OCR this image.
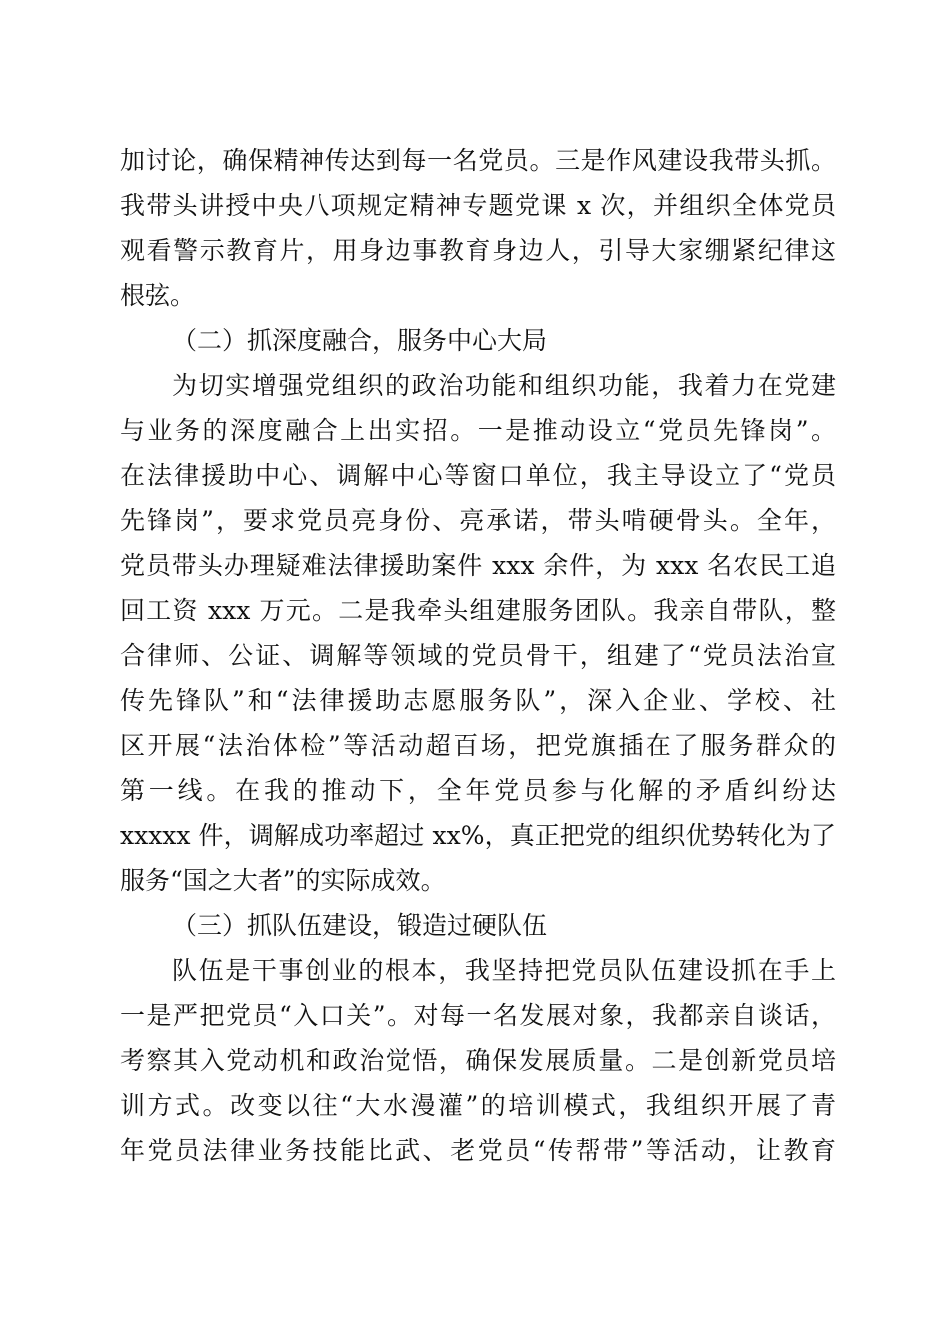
加讨论，确保精神传达到每一名党员。三是作风建设我带头抓。
我带头讲授中央八项规定精神专题党课 x 次，并组织全体党员
观看警示教育片，用身边事教育身边人，引导大家绷紧纪律这
根弦。
（二）抓深度融合，服务中心大局
为切实增强党组织的政治功能和组织功能，我着力在党建
与业务的深度融合上出实招。一是推动设立“党员先锋岗”。
在法律援助中心、调解中心等窗口单位，我主导设立了“党员
先锋岗”，要求党员亮身份、亮承诺，带头啃硬骨头。全年，
党员带头办理疑难法律援助案件 xxx 余件，为 xxx 名农民工追
回工资 xxx 万元。二是我牵头组建服务团队。我亲自带队，整
合律师、公证、调解等领域的党员骨干，组建了“党员法治宣
传先锋队”和“法律援助志愿服务队”，深入企业、学校、社
区开展“法治体检”等活动超百场，把党旗插在了服务群众的
第一线。在我的推动下，全年党员参与化解的矛盾纠纷达
xxxxx 件，调解成功率超过 xx%，真正把党的组织优势转化为了
服务“国之大者”的实际成效。
（三）抓队伍建设，锻造过硬队伍
队伍是干事创业的根本，我坚持把党员队伍建设抓在手上
一是严把党员“入口关”。对每一名发展对象，我都亲自谈话，
考察其入党动机和政治觉悟，确保发展质量。二是创新党员培
训方式。改变以往“大水漫灌”的培训模式，我组织开展了青
年党员法律业务技能比武、老党员“传帮带”等活动，让教育
